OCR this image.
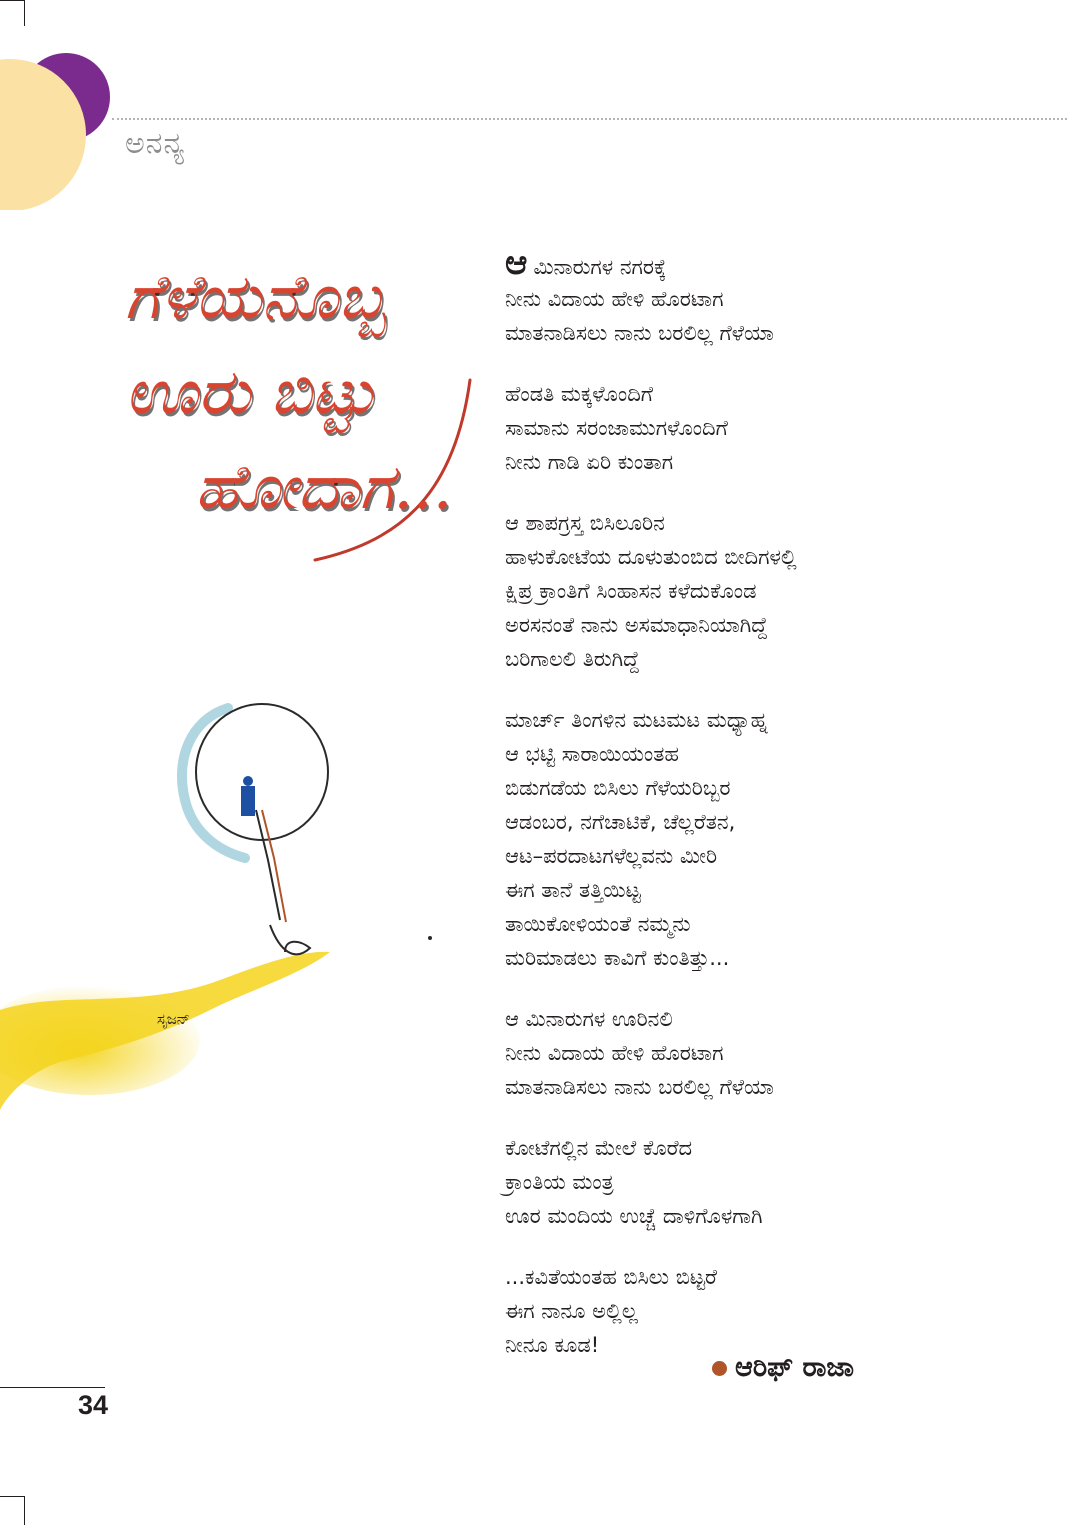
ಅನನ್ಯ
ಗೆಳೆಯನೊಬ್ಬ
ಊರು ಬಿಟ್ಟು
ಹೋದಾಗ...
ಸೃಜನ್
ಆಮಿನಾರುಗಳ ನಗರಕ್ಕೆ
ನೀನು ವಿದಾಯ ಹೇಳಿ ಹೊರಟಾಗ
ಮಾತನಾಡಿಸಲು ನಾನು ಬರಲಿಲ್ಲ ಗೆಳೆಯಾ
ಹೆಂಡತಿ ಮಕ್ಕಳೊಂದಿಗೆ
ಸಾಮಾನು ಸರಂಜಾಮುಗಳೊಂದಿಗೆ
ನೀನು ಗಾಡಿ ಏರಿ ಕುಂತಾಗ
ಆ ಶಾಪಗ್ರಸ್ತ ಬಿಸಿಲೂರಿನ
ಹಾಳುಕೋಟೆಯ ದೂಳುತುಂಬಿದ ಬೀದಿಗಳಲ್ಲಿ
ಕ್ಷಿಪ್ರ ಕ್ರಾಂತಿಗೆ ಸಿಂಹಾಸನ ಕಳೆದುಕೊಂಡ
ಅರಸನಂತೆ ನಾನು ಅಸಮಾಧಾನಿಯಾಗಿದ್ದೆ
ಬರಿಗಾಲಲಿ ತಿರುಗಿದ್ದೆ
ಮಾರ್ಚ್ ತಿಂಗಳಿನ ಮಟಮಟ ಮಧ್ಯಾಹ್ನ
ಆ ಭಟ್ಟಿ ಸಾರಾಯಿಯಂತಹ
ಬಿಡುಗಡೆಯ ಬಿಸಿಲು ಗೆಳೆಯರಿಬ್ಬರ
ಆಡಂಬರ, ನಗೆಚಾಟಿಕೆ, ಚೆಲ್ಲರೆತನ,
ಆಟ–ಪರದಾಟಗಳೆಲ್ಲವನು ಮೀರಿ
ಈಗ ತಾನೆ ತತ್ತಿಯಿಟ್ಟ
ತಾಯಿಕೋಳಿಯಂತೆ ನಮ್ಮನು
ಮರಿಮಾಡಲು ಕಾವಿಗೆ ಕುಂತಿತ್ತು...
ಆ ಮಿನಾರುಗಳ ಊರಿನಲಿ
ನೀನು ವಿದಾಯ ಹೇಳಿ ಹೊರಟಾಗ
ಮಾತನಾಡಿಸಲು ನಾನು ಬರಲಿಲ್ಲ ಗೆಳೆಯಾ
ಕೋಟೆಗಲ್ಲಿನ ಮೇಲೆ ಕೊರೆದ
ಕ್ರಾಂತಿಯ ಮಂತ್ರ
ಊರ ಮಂದಿಯ ಉಚ್ಚೆ ದಾಳಿಗೊಳಗಾಗಿ
...ಕವಿತೆಯಂತಹ ಬಿಸಿಲು ಬಿಟ್ಟರೆ
ಈಗ ನಾನೂ ಅಲ್ಲಿಲ್ಲ
ನೀನೂ ಕೂಡ!
ಆರಿಫ್ ರಾಜಾ
34
